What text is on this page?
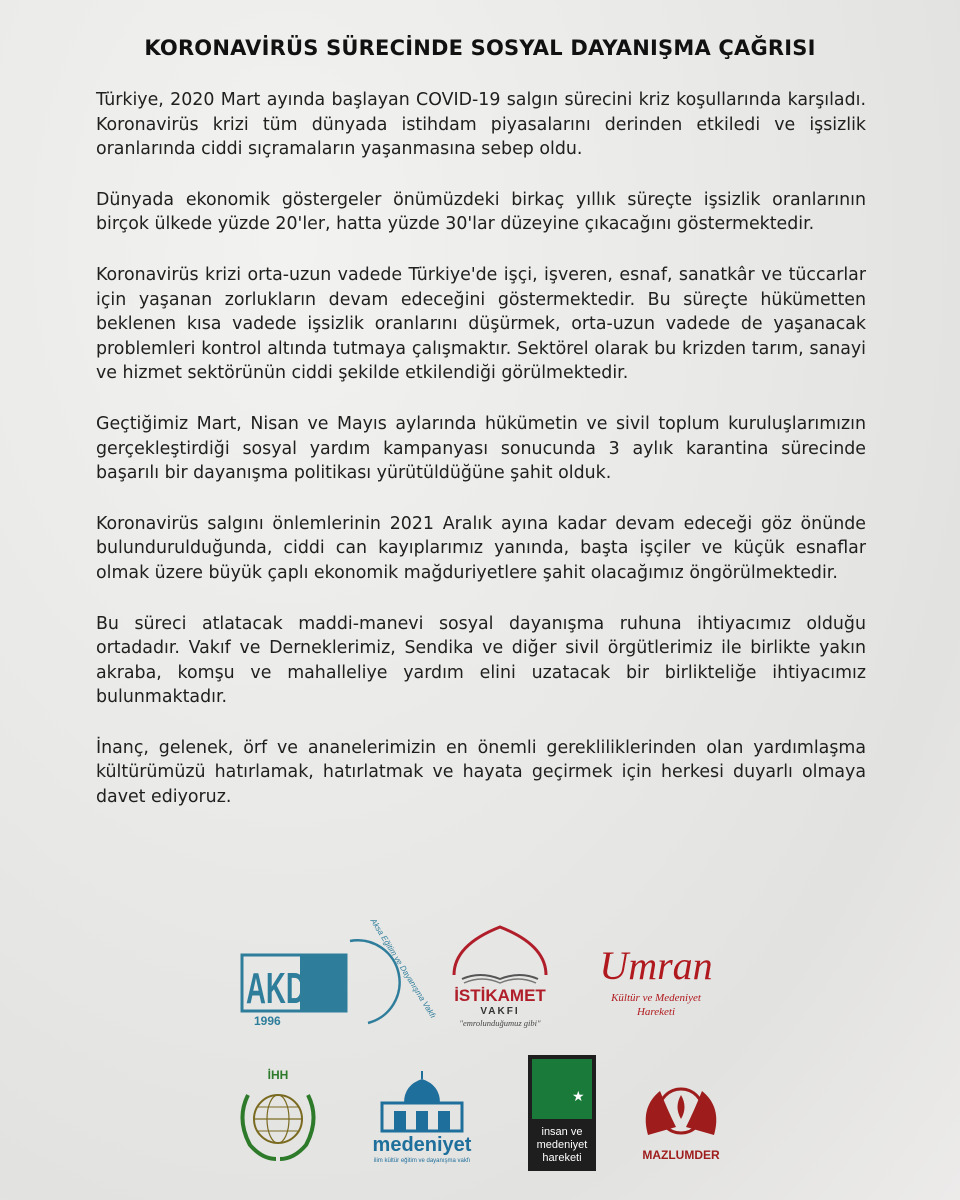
KORONAVİRÜS SÜRECİNDE SOSYAL DAYANIŞMA ÇAĞRISI

Türkiye, 2020 Mart ayında başlayan COVID-19 salgın sürecini kriz koşullarında karşıladı. Koronavirüs krizi tüm dünyada istihdam piyasalarını derinden etkiledi ve işsizlik oranlarında ciddi sıçramaların yaşanmasına sebep oldu.

Dünyada ekonomik göstergeler önümüzdeki birkaç yıllık süreçte işsizlik oranlarının birçok ülkede yüzde 20'ler, hatta yüzde 30'lar düzeyine çıkacağını göstermektedir.

Koronavirüs krizi orta-uzun vadede Türkiye'de işçi, işveren, esnaf, sanatkâr ve tüccarlar için yaşanan zorlukların devam edeceğini göstermektedir. Bu süreçte hükümetten beklenen kısa vadede işsizlik oranlarını düşürmek, orta-uzun vadede de yaşanacak problemleri kontrol altında tutmaya çalışmaktır. Sektörel olarak bu krizden tarım, sanayi ve hizmet sektörünün ciddi şekilde etkilendiği görülmektedir.

Geçtiğimiz Mart, Nisan ve Mayıs aylarında hükümetin ve sivil toplum kuruluşlarımızın gerçekleştirdiği sosyal yardım kampanyası sonucunda 3 aylık karantina sürecinde başarılı bir dayanışma politikası yürütüldüğüne şahit olduk.

Koronavirüs salgını önlemlerinin 2021 Aralık ayına kadar devam edeceği göz önünde bulundurulduğunda, ciddi can kayıplarımız yanında, başta işçiler ve küçük esnaflar olmak üzere büyük çaplı ekonomik mağduriyetlere şahit olacağımız öngörülmektedir.

Bu süreci atlatacak maddi-manevi sosyal dayanışma ruhuna ihtiyacımız olduğu ortadadır. Vakıf ve Derneklerimiz, Sendika ve diğer sivil örgütlerimiz ile birlikte yakın akraba, komşu ve mahalleliye yardım elini uzatacak bir birlikteliğe ihtiyacımız bulunmaktadır.

İnanç, gelenek, örf ve ananelerimizin en önemli gerekliliklerinden olan yardımlaşma kültürümüzü hatırlamak, hatırlatmak ve hayata geçirmek için herkesi duyarlı olmaya davet ediyoruz.

AKDAV
1996
Aksa Eğitim ve Dayanışma Vakfı İSTİKAMET
VAKFI
"emrolunduğumuz gibi"
Umran
Kültür ve Medeniyet
Hareketi
İHH
medeniyet
ilim kültür eğitim ve dayanışma vakfı
★
insan ve
medeniyet
hareketi	MAZLUMDER
